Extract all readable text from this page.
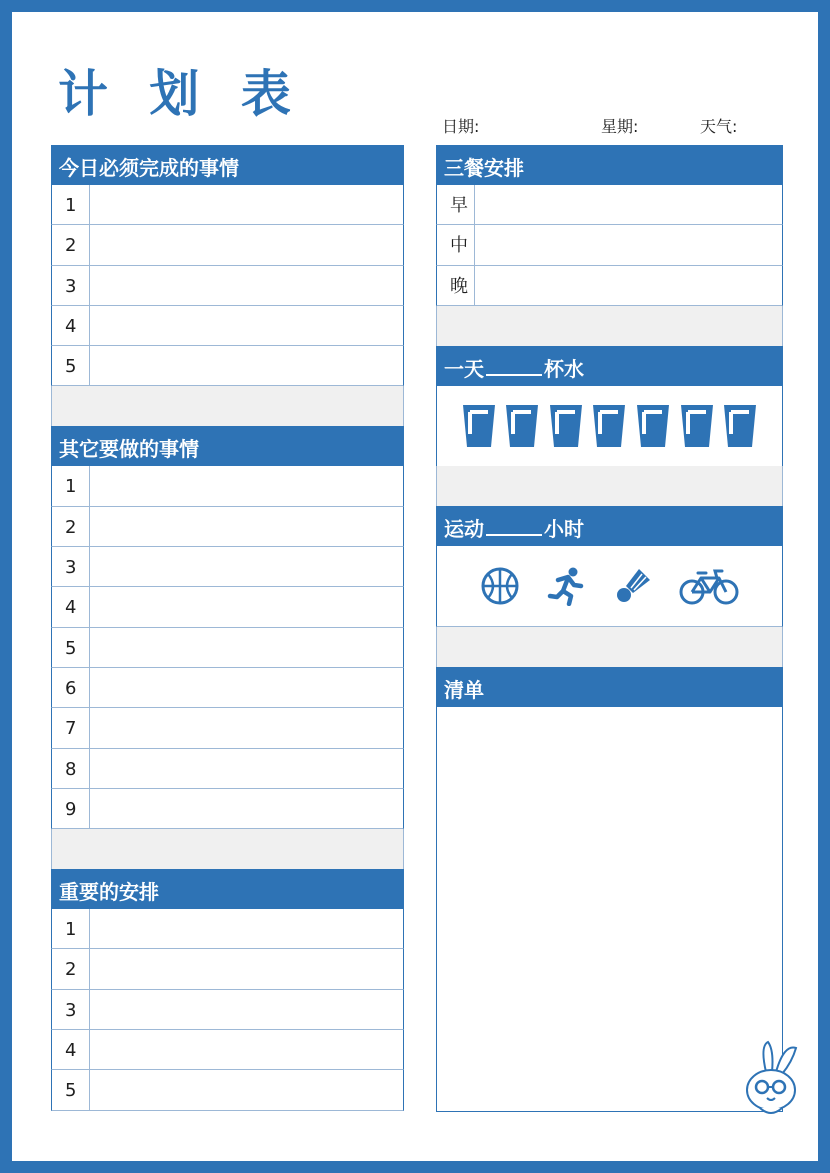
计 划 表
日期:	星期:	天气:
今日必须完成的事情
1
2
3
4
5
其它要做的事情
1
2
3
4
5
6
7
8
9
重要的安排
1
2
3
4
5
三餐安排
早
中
晚
一天	杯水
运动	小时
清单
